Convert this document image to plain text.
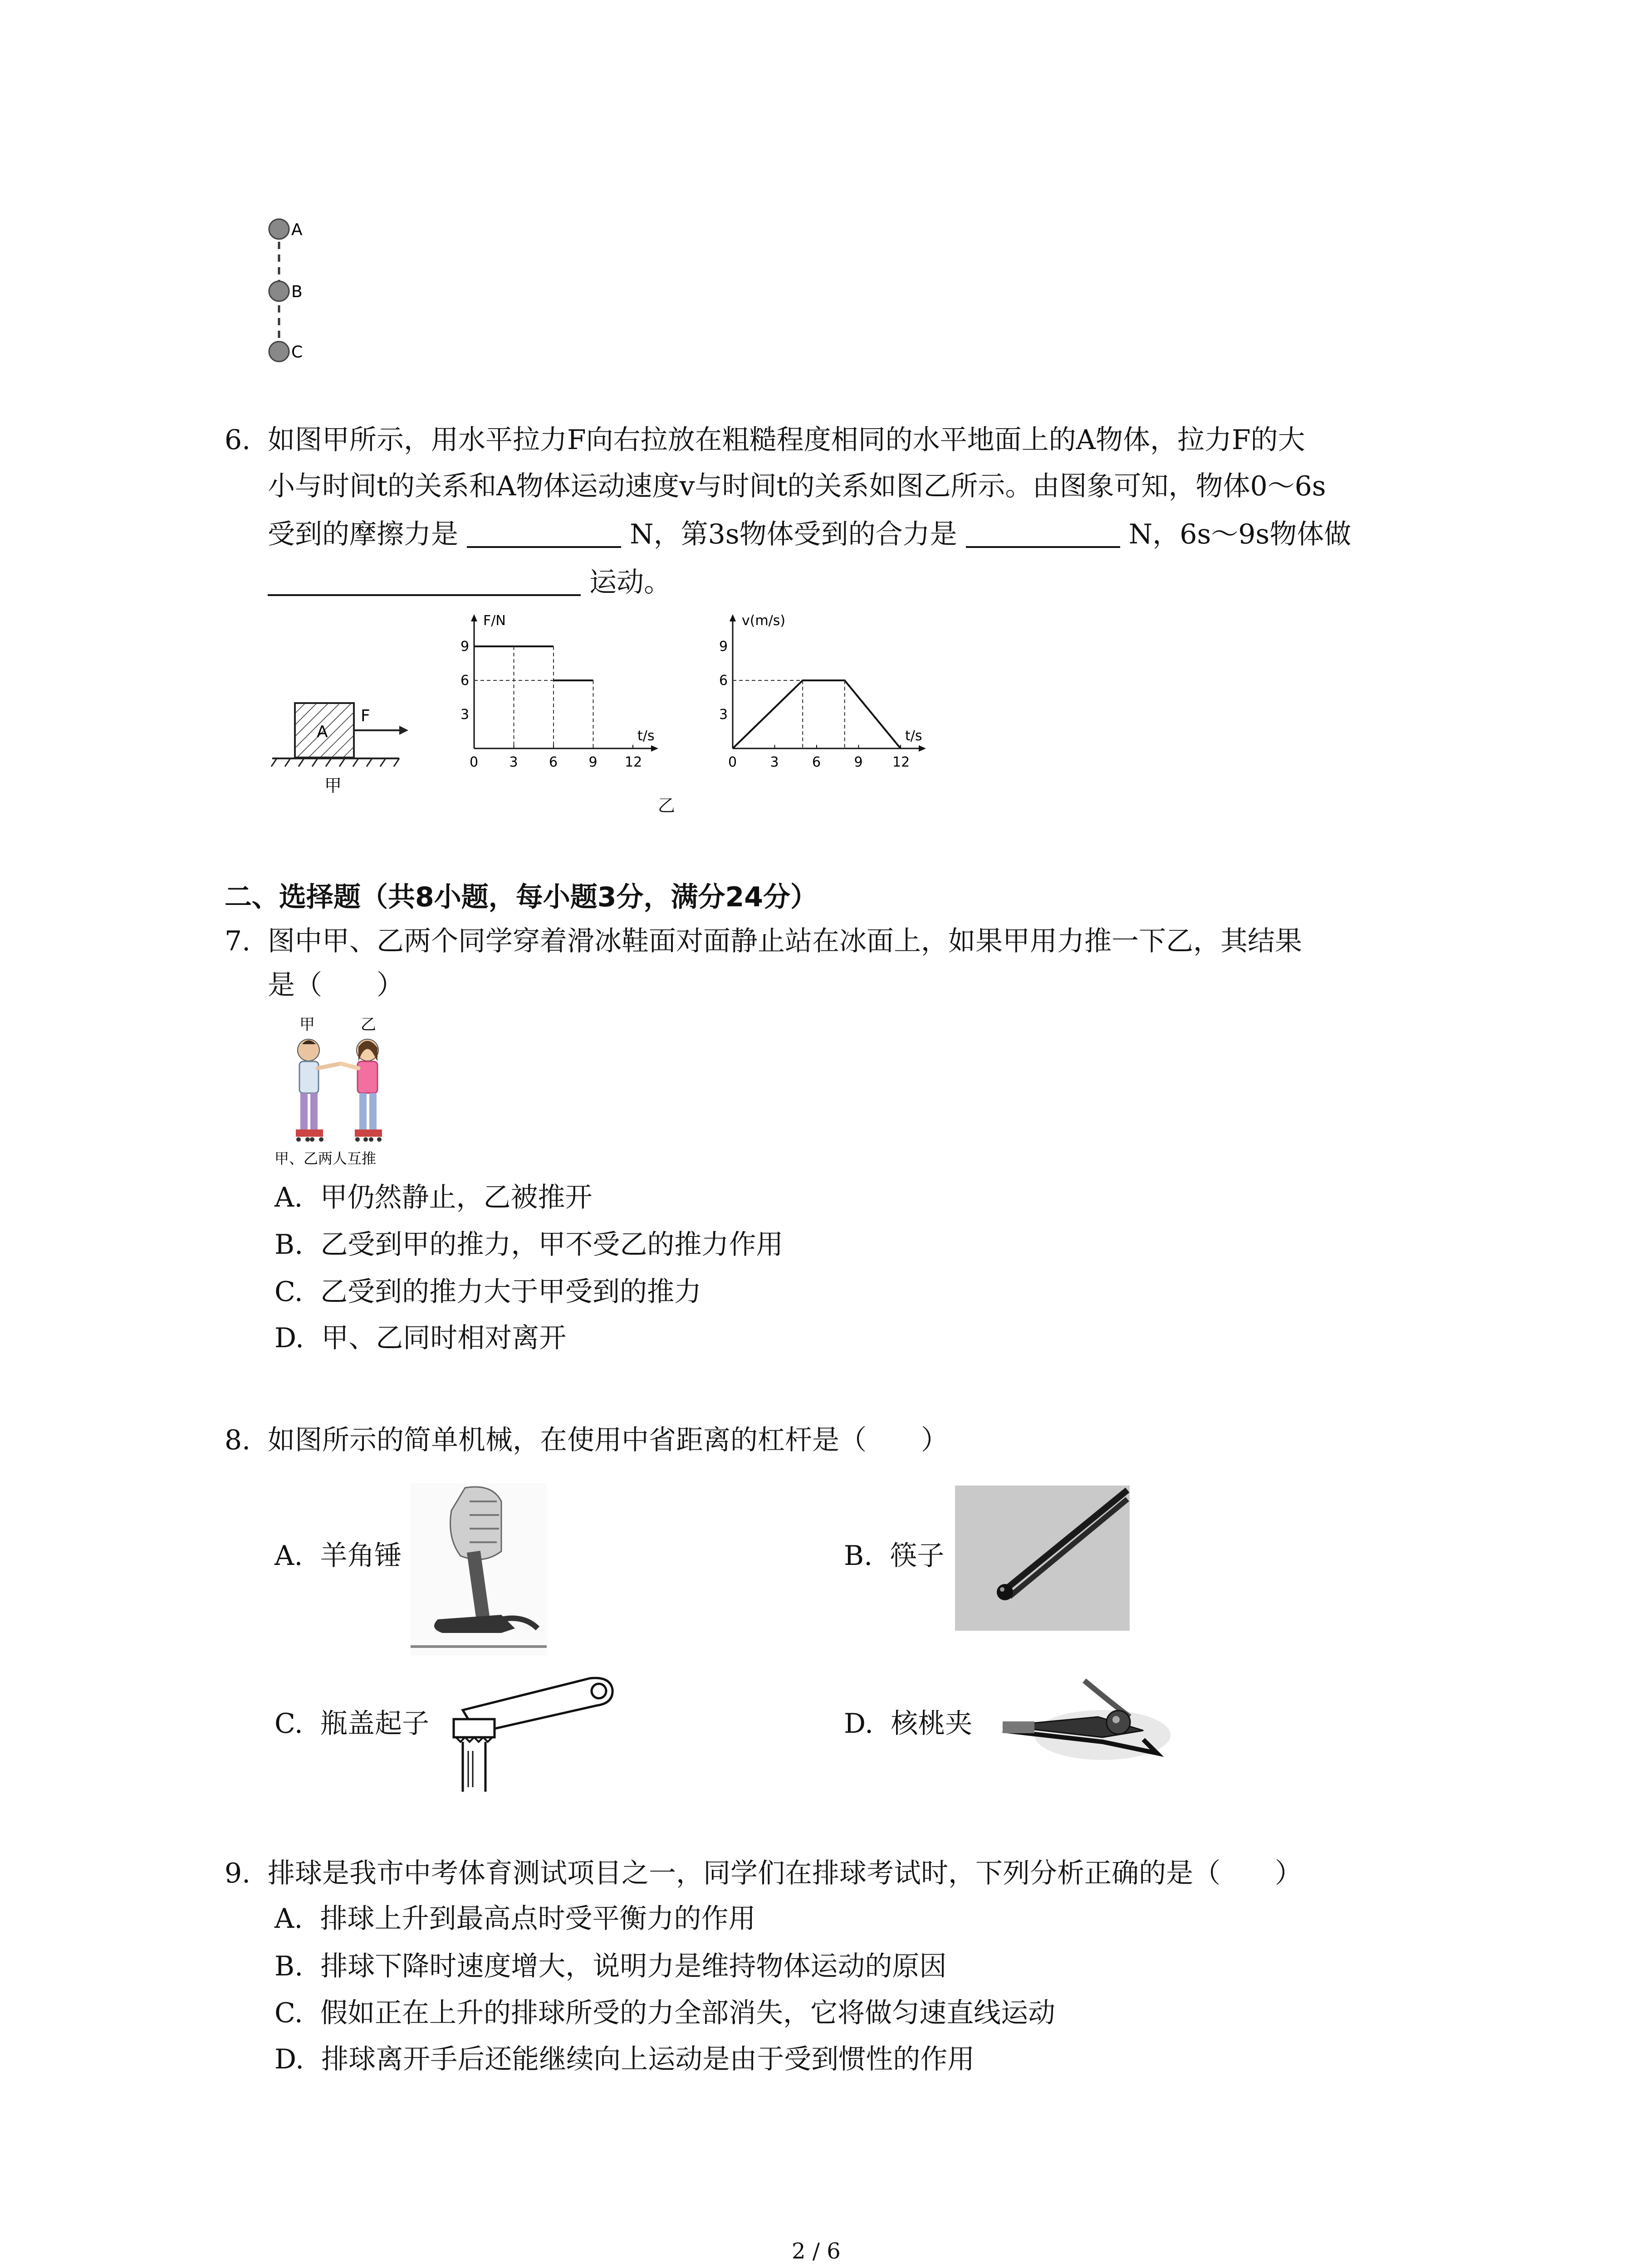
A
B
C
6. 如图甲所示，用水平拉力F向右拉放在粗糙程度相同的水平地面上的A物体，拉力F的大
小与时间t的关系和A物体运动速度v与时间t的关系如图乙所示。由图象可知，物体0～6s
受到的摩擦力是	N，第3s物体受到的合力是	N，6s～9s物体做
运动。
A
F
甲
F/N
t/s
0 3 6 9 12
3
6
9
v(m/s)
t/s
0 3 6 9 12
3
6
9
乙
二、选择题（共8小题，每小题3分，满分24分）
7. 图中甲、乙两个同学穿着滑冰鞋面对面静止站在冰面上，如果甲用力推一下乙，其结果
是（　　）
甲	乙
甲、乙两人互推
A. 甲仍然静止，乙被推开
B. 乙受到甲的推力，甲不受乙的推力作用
C. 乙受到的推力大于甲受到的推力
D. 甲、乙同时相对离开
8. 如图所示的简单机械，在使用中省距离的杠杆是（　　）
A. 羊角锤	B. 筷子
C. 瓶盖起子	D. 核桃夹
9. 排球是我市中考体育测试项目之一，同学们在排球考试时，下列分析正确的是（　　）
A. 排球上升到最高点时受平衡力的作用
B. 排球下降时速度增大，说明力是维持物体运动的原因
C. 假如正在上升的排球所受的力全部消失，它将做匀速直线运动
D. 排球离开手后还能继续向上运动是由于受到惯性的作用
2 / 6
